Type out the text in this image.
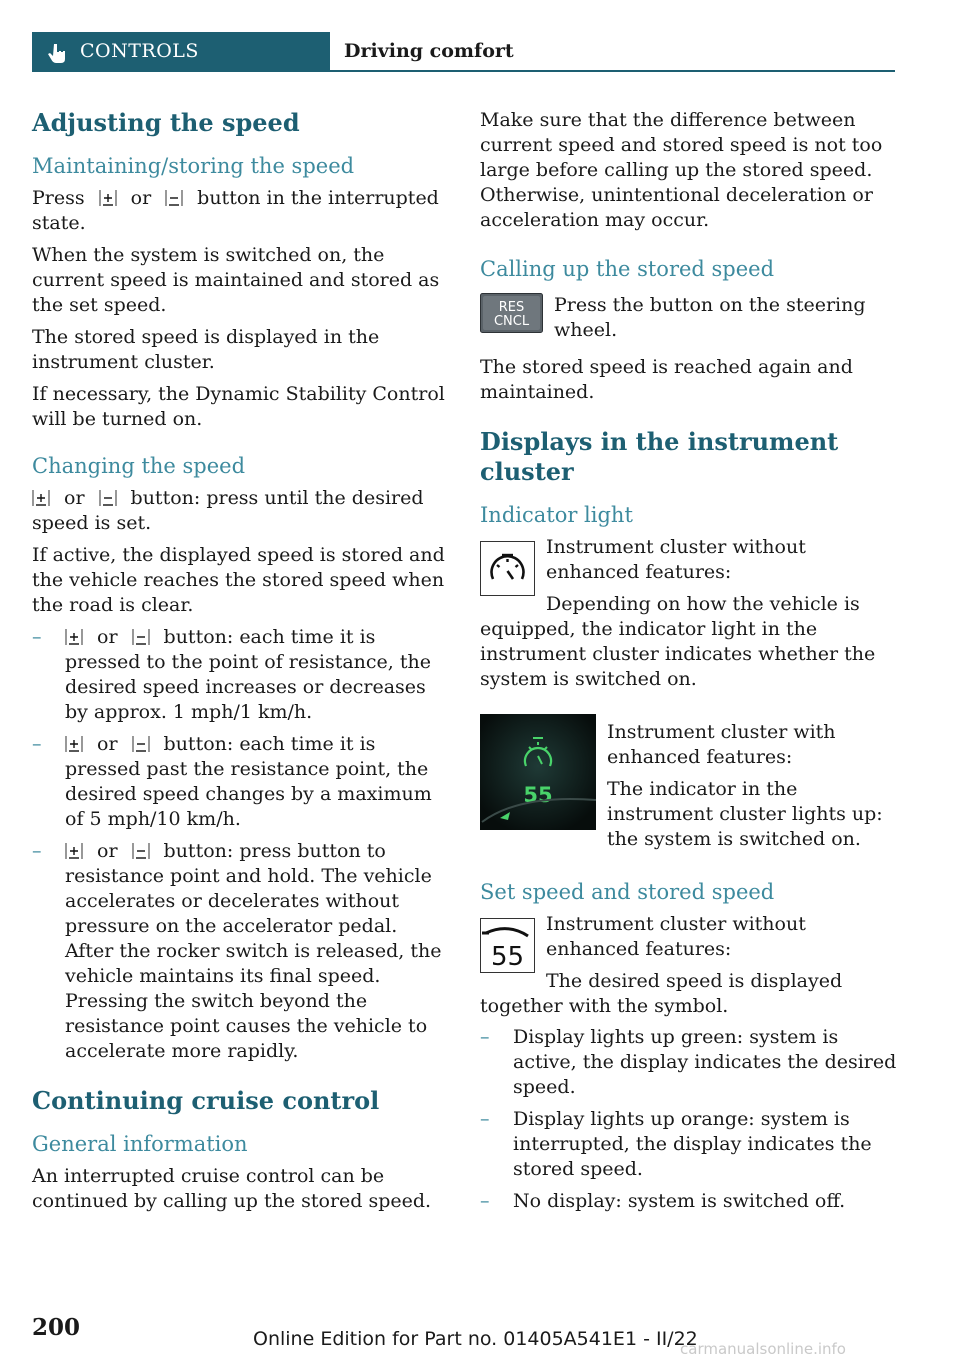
CONTROLS	Driving comfort
Adjusting the speed
Maintaining/storing the speed

Press or button in the interrupted state.

When the system is switched on, the current speed is maintained and stored as the set speed.

The stored speed is displayed in the instrument cluster.

If necessary, the Dynamic Stability Control will be turned on.

Changing the speed

or button: press until the desired speed is set.

If active, the displayed speed is stored and the vehicle reaches the stored speed when the road is clear.

–	or button: each time it is pressed to the point of resistance, the desired speed increases or decreases by approx. 1 mph/1 km/h.
–	or button: each time it is pressed past the resistance point, the desired speed changes by a maximum of 5 mph/10 km/h.
–	or button: press button to resistance point and hold. The vehicle accelerates or decelerates without pressure on the accelerator pedal. After the rocker switch is released, the vehicle maintains its final speed. Pressing the switch beyond the resistance point causes the vehicle to accelerate more rapidly.
Continuing cruise control
General information

An interrupted cruise control can be continued by calling up the stored speed.

Make sure that the difference between current speed and stored speed is not too large before calling up the stored speed. Otherwise, unintentional deceleration or acceleration may occur.

Calling up the stored speed
RES
CNCL

Press the button on the steering wheel.

The stored speed is reached again and maintained.

Displays in the instrument cluster
Indicator light

Instrument cluster without enhanced features:

Depending on how the vehicle is equipped, the indicator light in the instrument cluster indicates whether the system is switched on.

55

Instrument cluster with enhanced features:

The indicator in the instrument cluster lights up: the system is switched on.

Set speed and stored speed
55

Instrument cluster without enhanced features:

The desired speed is displayed together with the symbol.

– Display lights up green: system is active, the display indicates the desired speed.
– Display lights up orange: system is interrupted, the display indicates the stored speed.
– No display: system is switched off.
200	Online Edition for Part no. 01405A541E1 - II/22
carmanualsonline.info
